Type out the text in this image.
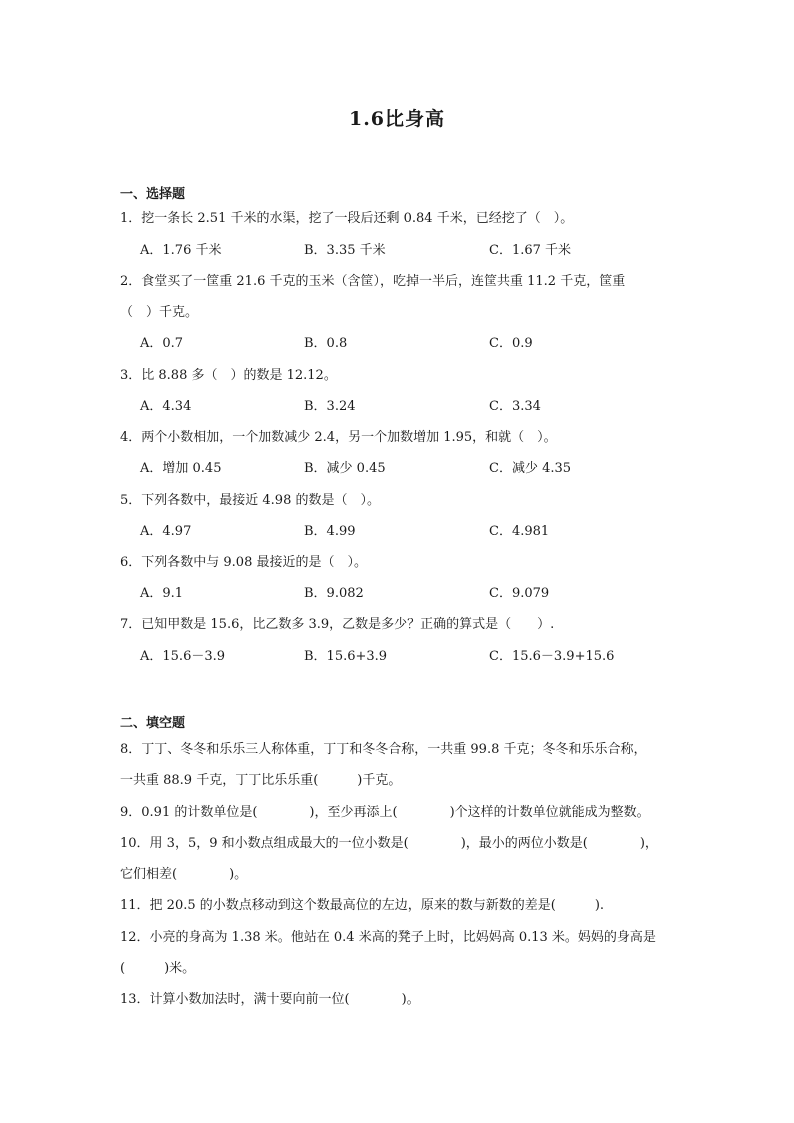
1.6比身高
一、选择题
1．挖一条长 2.51 千米的水渠，挖了一段后还剩 0.84 千米，已经挖了（　）。
A．1.76 千米	B．3.35 千米	C．1.67 千米
2．食堂买了一筐重 21.6 千克的玉米（含筐），吃掉一半后，连筐共重 11.2 千克，筐重
（　）千克。
A．0.7	B．0.8	C．0.9
3．比 8.88 多（　）的数是 12.12。
A．4.34	B．3.24	C．3.34
4．两个小数相加，一个加数减少 2.4，另一个加数增加 1.95，和就（　）。
A．增加 0.45	B．减少 0.45	C．减少 4.35
5．下列各数中，最接近 4.98 的数是（　）。
A．4.97	B．4.99	C．4.981
6．下列各数中与 9.08 最接近的是（　）。
A．9.1	B．9.082	C．9.079
7．已知甲数是 15.6，比乙数多 3.9，乙数是多少？正确的算式是（　　）.
A．15.6－3.9	B．15.6+3.9	C．15.6－3.9+15.6
二、填空题
8．丁丁、冬冬和乐乐三人称体重，丁丁和冬冬合称，一共重 99.8 千克；冬冬和乐乐合称，
一共重 88.9 千克，丁丁比乐乐重(　　　)千克。
9．0.91 的计数单位是(　　　　)，至少再添上(　　　　)个这样的计数单位就能成为整数。
10．用 3，5，9 和小数点组成最大的一位小数是(　　　　)，最小的两位小数是(　　　　)，
它们相差(　　　　)。
11．把 20.5 的小数点移动到这个数最高位的左边，原来的数与新数的差是(　　　).
12．小亮的身高为 1.38 米。他站在 0.4 米高的凳子上时，比妈妈高 0.13 米。妈妈的身高是
(　　　)米。
13．计算小数加法时，满十要向前一位(　　　　)。
